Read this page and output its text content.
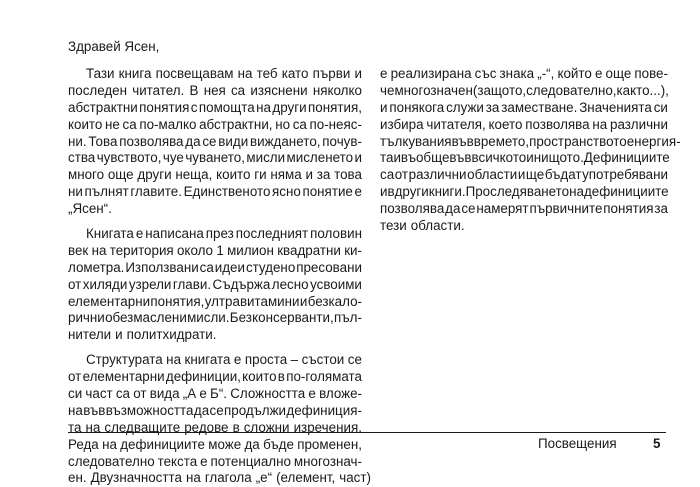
Здравей Ясен,
Тази книга посвещавам на теб като първи и
последен читател. В нея са изяснени няколко
абстрактни понятия с помощта на други понятия,
които не са по-малко абстрактни, но са по-неяс-
ни. Това позволява да се види вижданетo, почув-
ства чувството, чуе чуването, мисли мисленето и
много още други неща, които ги няма и за това
ни пълнят главите. Единственото ясно понятие е
„Ясен“.
Книгата е написана през последният половин
век на територия около 1 милион квадратни ки-
лометра. Използвани са идеи студено пресовани
от хиляди узрели глави. Съдържа лесно усвоими
елементарни понятия, ултравитамини и безкало-
рични обезмаслени мисли. Без консерванти, пъл-
нители и политхидрати.
Структурата на книгата е проста – състои се
от елементарни дефиниции, които в по-голямата
си част са от вида „А е Б“. Сложността е вложе-
на във възможността да се продължи дефиниция-
та на следващите редове в сложни изречения.
Реда на дефинициите може да бъде променен,
следователно текста е потенциално многознач-
ен. Двузначността на глагола „е“ (елемент, част)
е реализирана със знака „-“, който е още пове-
че многозначен (защото, следователно, както...),
и понякога служи за заместване. Значенията си
избира читателя, което позволява на различни
тълкувания във времето, пространството енергия-
та и въобще във всичкото и нищото. Дефинициите
са от различни области и ще бъдат употребявани
и в други книги. Проследяването на дефинициите
позволява да се намерят първичните понятия за
тези области.
Посвещения	5
